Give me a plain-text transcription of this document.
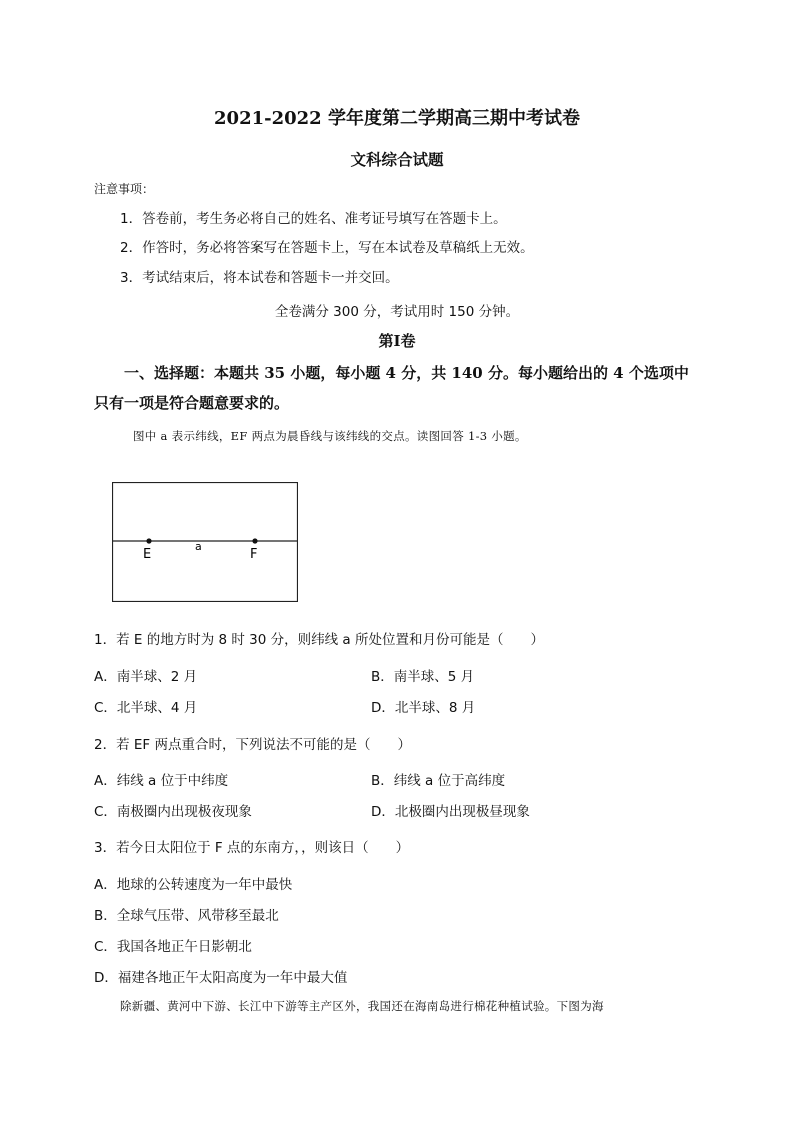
2021-2022 学年度第二学期高三期中考试卷
文科综合试题
注意事项：
1．答卷前，考生务必将自己的姓名、准考证号填写在答题卡上。
2．作答时，务必将答案写在答题卡上，写在本试卷及草稿纸上无效。
3．考试结束后，将本试卷和答题卡一并交回。
全卷满分 300 分，考试用时 150 分钟。
第Ⅰ卷
一、选择题：本题共 35 小题，每小题 4 分，共 140 分。每小题给出的 4 个选项中
只有一项是符合题意要求的。
图中 a 表示纬线，EF 两点为晨昏线与该纬线的交点。读图回答 1-3 小题。
E
a
F
1．若 E 的地方时为 8 时 30 分，则纬线 a 所处位置和月份可能是（　　）
A．南半球、2 月	B．南半球、5 月
C．北半球、4 月	D．北半球、8 月
2．若 EF 两点重合时，下列说法不可能的是（　　）
A．纬线 a 位于中纬度	B．纬线 a 位于高纬度
C．南极圈内出现极夜现象	D．北极圈内出现极昼现象
3．若今日太阳位于 F 点的东南方，，则该日（　　）
A．地球的公转速度为一年中最快
B．全球气压带、风带移至最北
C．我国各地正午日影朝北
D．福建各地正午太阳高度为一年中最大值
除新疆、黄河中下游、长江中下游等主产区外，我国还在海南岛进行棉花种植试验。下图为海
